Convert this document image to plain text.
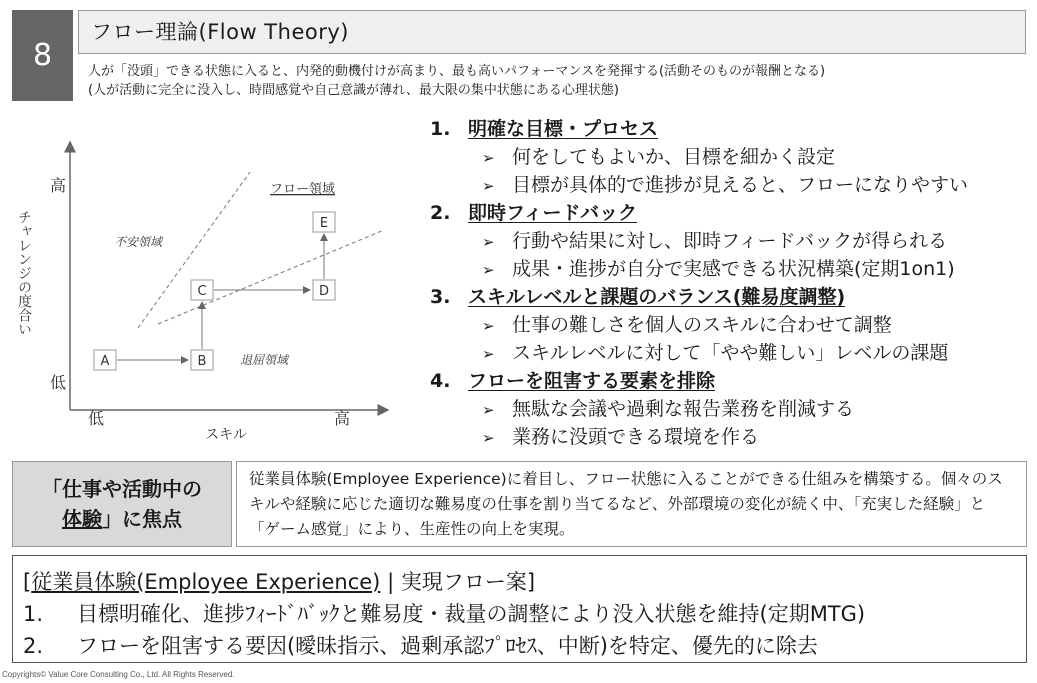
8
フロー理論(Flow Theory)
人が「没頭」できる状態に入ると、内発的動機付けが高まり、最も高いパフォーマンスを発揮する(活動そのものが報酬となる)
(人が活動に完全に没入し、時間感覚や自己意識が薄れ、最大限の集中状態にある心理状態)
高
低
低	高
スキル
チャレンジの度合い
フロー領域
不安領域
退屈領域
A	B
C	D
E
1. 明確な目標・プロセス
➢ 何をしてもよいか、目標を細かく設定
➢ 目標が具体的で進捗が見えると、フローになりやすい
2. 即時フィードバック
➢ 行動や結果に対し、即時フィードバックが得られる
➢ 成果・進捗が自分で実感できる状況構築(定期1on1)
3. スキルレベルと課題のバランス(難易度調整)
➢ 仕事の難しさを個人のスキルに合わせて調整
➢ スキルレベルに対して「やや難しい」レベルの課題
4. フローを阻害する要素を排除
➢ 無駄な会議や過剰な報告業務を削減する
➢ 業務に没頭できる環境を作る
「仕事や活動中の
体験」に焦点
従業員体験(Employee Experience)に着目し、フロー状態に入ることができる仕組みを構築する。個々のスキルや経験に応じた適切な難易度の仕事を割り当てるなど、外部環境の変化が続く中、「充実した経験」と「ゲーム感覚」により、生産性の向上を実現。
[従業員体験(Employee Experience) | 実現フロー案]
1. 目標明確化、進捗ﾌｨｰﾄﾞﾊﾞｯｸと難易度・裁量の調整により没入状態を維持(定期MTG)
2. フローを阻害する要因(曖昧指示、過剰承認ﾌﾟﾛｾｽ、中断)を特定、優先的に除去
Copyrights© Value Core Consulting Co., Ltd. All Rights Reserved.
